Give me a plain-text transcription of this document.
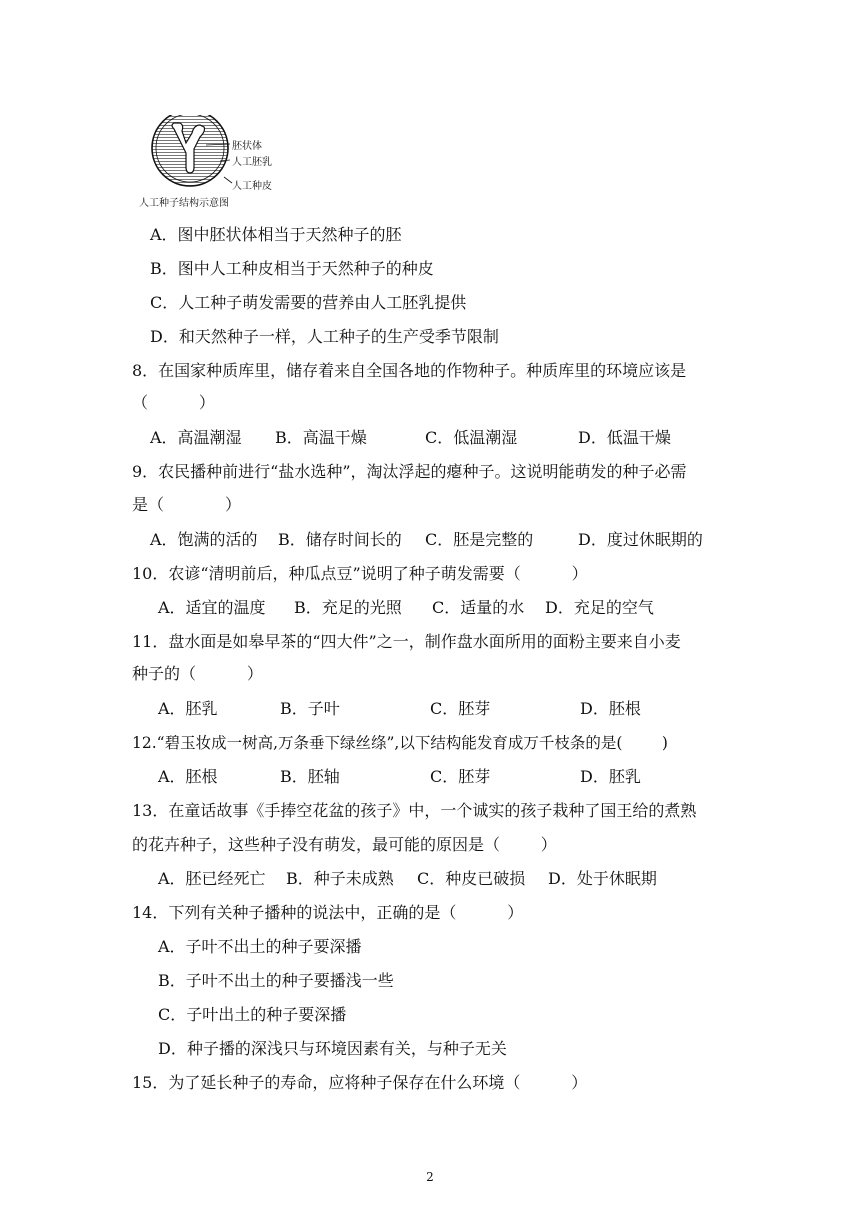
胚状体
人工胚乳
人工种皮
人工种子结构示意图
A．图中胚状体相当于天然种子的胚
B．图中人工种皮相当于天然种子的种皮
C．人工种子萌发需要的营养由人工胚乳提供
D．和天然种子一样，人工种子的生产受季节限制
8．在国家种质库里，储存着来自全国各地的作物种子。种质库里的环境应该是
（          ）
A．高温潮湿 B．高温干燥	C．低温潮湿	D．低温干燥
9．农民播种前进行“盐水选种”，淘汰浮起的瘪种子。这说明能萌发的种子必需
是（            ）
A．饱满的活的 B．储存时间长的 C．胚是完整的	D．度过休眠期的
10．农谚“清明前后，种瓜点豆”说明了种子萌发需要（          ）
A．适宜的温度 B．充足的光照 C．适量的水 D．充足的空气
11．盘水面是如皋早茶的“四大件”之一，制作盘水面所用的面粉主要来自小麦
种子的（          ）
A．胚乳	B．子叶	C．胚芽	D．胚根
12.“碧玉妆成一树高,万条垂下绿丝绦”,以下结构能发育成万千枝条的是(        )
A．胚根	B．胚轴	C．胚芽	D．胚乳
13．在童话故事《手捧空花盆的孩子》中，一个诚实的孩子栽种了国王给的煮熟
的花卉种子，这些种子没有萌发，最可能的原因是（        ）
A．胚已经死亡 B．种子未成熟 C．种皮已破损 D．处于休眠期
14．下列有关种子播种的说法中，正确的是（          ）
A．子叶不出土的种子要深播
B．子叶不出土的种子要播浅一些
C．子叶出土的种子要深播
D．种子播的深浅只与环境因素有关，与种子无关
15．为了延长种子的寿命，应将种子保存在什么环境（          ）
2
